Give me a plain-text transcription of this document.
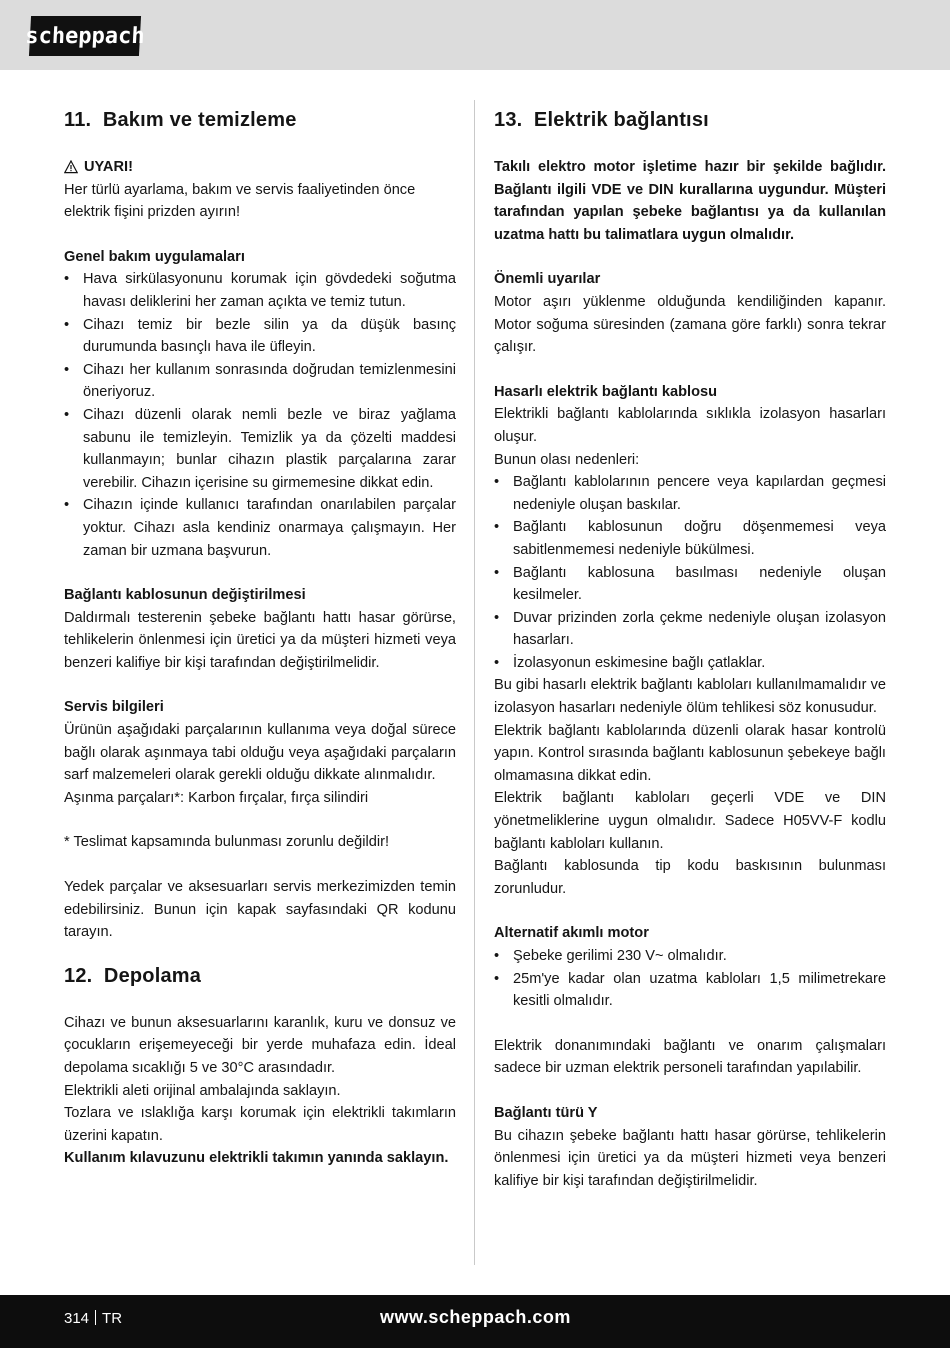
scheppach
11. Bakım ve temizleme
UYARI!

Her türlü ayarlama, bakım ve servis faaliyetinden önce elektrik fişini prizden ayırın!

Genel bakım uygulamaları

• Hava sirkülasyonunu korumak için gövdedeki soğutma havası deliklerini her zaman açıkta ve temiz tutun.
• Cihazı temiz bir bezle silin ya da düşük basınç durumunda basınçlı hava ile üfleyin.
• Cihazı her kullanım sonrasında doğrudan temizlenmesini öneriyoruz.
• Cihazı düzenli olarak nemli bezle ve biraz yağlama sabunu ile temizleyin. Temizlik ya da çözelti maddesi kullanmayın; bunlar cihazın plastik parçalarına zarar verebilir. Cihazın içerisine su girmemesine dikkat edin.
• Cihazın içinde kullanıcı tarafından onarılabilen parçalar yoktur. Cihazı asla kendiniz onarmaya çalışmayın. Her zaman bir uzmana başvurun.

Bağlantı kablosunun değiştirilmesi

Daldırmalı testerenin şebeke bağlantı hattı hasar görürse, tehlikelerin önlenmesi için üretici ya da müşteri hizmeti veya benzeri kalifiye bir kişi tarafından değiştirilmelidir.

Servis bilgileri

Ürünün aşağıdaki parçalarının kullanıma veya doğal sürece bağlı olarak aşınmaya tabi olduğu veya aşağıdaki parçaların sarf malzemeleri olarak gerekli olduğu dikkate alınmalıdır.

Aşınma parçaları*: Karbon fırçalar, fırça silindiri

* Teslimat kapsamında bulunması zorunlu değildir!

Yedek parçalar ve aksesuarları servis merkezimizden temin edebilirsiniz. Bunun için kapak sayfasındaki QR kodunu tarayın.

12. Depolama

Cihazı ve bunun aksesuarlarını karanlık, kuru ve donsuz ve çocukların erişemeyeceği bir yerde muhafaza edin. İdeal depolama sıcaklığı 5 ve 30°C arasındadır.

Elektrikli aleti orijinal ambalajında saklayın.

Tozlara ve ıslaklığa karşı korumak için elektrikli takımların üzerini kapatın.

Kullanım kılavuzunu elektrikli takımın yanında saklayın.

13. Elektrik bağlantısı

Takılı elektro motor işletime hazır bir şekilde bağlıdır. Bağlantı ilgili VDE ve DIN kurallarına uygundur. Müşteri tarafından yapılan şebeke bağlantısı ya da kullanılan uzatma hattı bu talimatlara uygun olmalıdır.

Önemli uyarılar

Motor aşırı yüklenme olduğunda kendiliğinden kapanır. Motor soğuma süresinden (zamana göre farklı) sonra tekrar çalışır.

Hasarlı elektrik bağlantı kablosu

Elektrikli bağlantı kablolarında sıklıkla izolasyon hasarları oluşur.

Bunun olası nedenleri:

• Bağlantı kablolarının pencere veya kapılardan geçmesi nedeniyle oluşan baskılar.
• Bağlantı kablosunun doğru döşenmemesi veya sabitlenmemesi nedeniyle bükülmesi.
• Bağlantı kablosuna basılması nedeniyle oluşan kesilmeler.
• Duvar prizinden zorla çekme nedeniyle oluşan izolasyon hasarları.
• İzolasyonun eskimesine bağlı çatlaklar.

Bu gibi hasarlı elektrik bağlantı kabloları kullanılmamalıdır ve izolasyon hasarları nedeniyle ölüm tehlikesi söz konusudur.

Elektrik bağlantı kablolarında düzenli olarak hasar kontrolü yapın. Kontrol sırasında bağlantı kablosunun şebekeye bağlı olmamasına dikkat edin.

Elektrik bağlantı kabloları geçerli VDE ve DIN yönetmeliklerine uygun olmalıdır. Sadece H05VV-F kodlu bağlantı kabloları kullanın.

Bağlantı kablosunda tip kodu baskısının bulunması zorunludur.

Alternatif akımlı motor

• Şebeke gerilimi 230 V~ olmalıdır.
• 25m'ye kadar olan uzatma kabloları 1,5 milimetrekare kesitli olmalıdır.

Elektrik donanımındaki bağlantı ve onarım çalışmaları sadece bir uzman elektrik personeli tarafından yapılabilir.

Bağlantı türü Y

Bu cihazın şebeke bağlantı hattı hasar görürse, tehlikelerin önlenmesi için üretici ya da müşteri hizmeti veya benzeri kalifiye bir kişi tarafından değiştirilmelidir.

314 TR	www.scheppach.com
